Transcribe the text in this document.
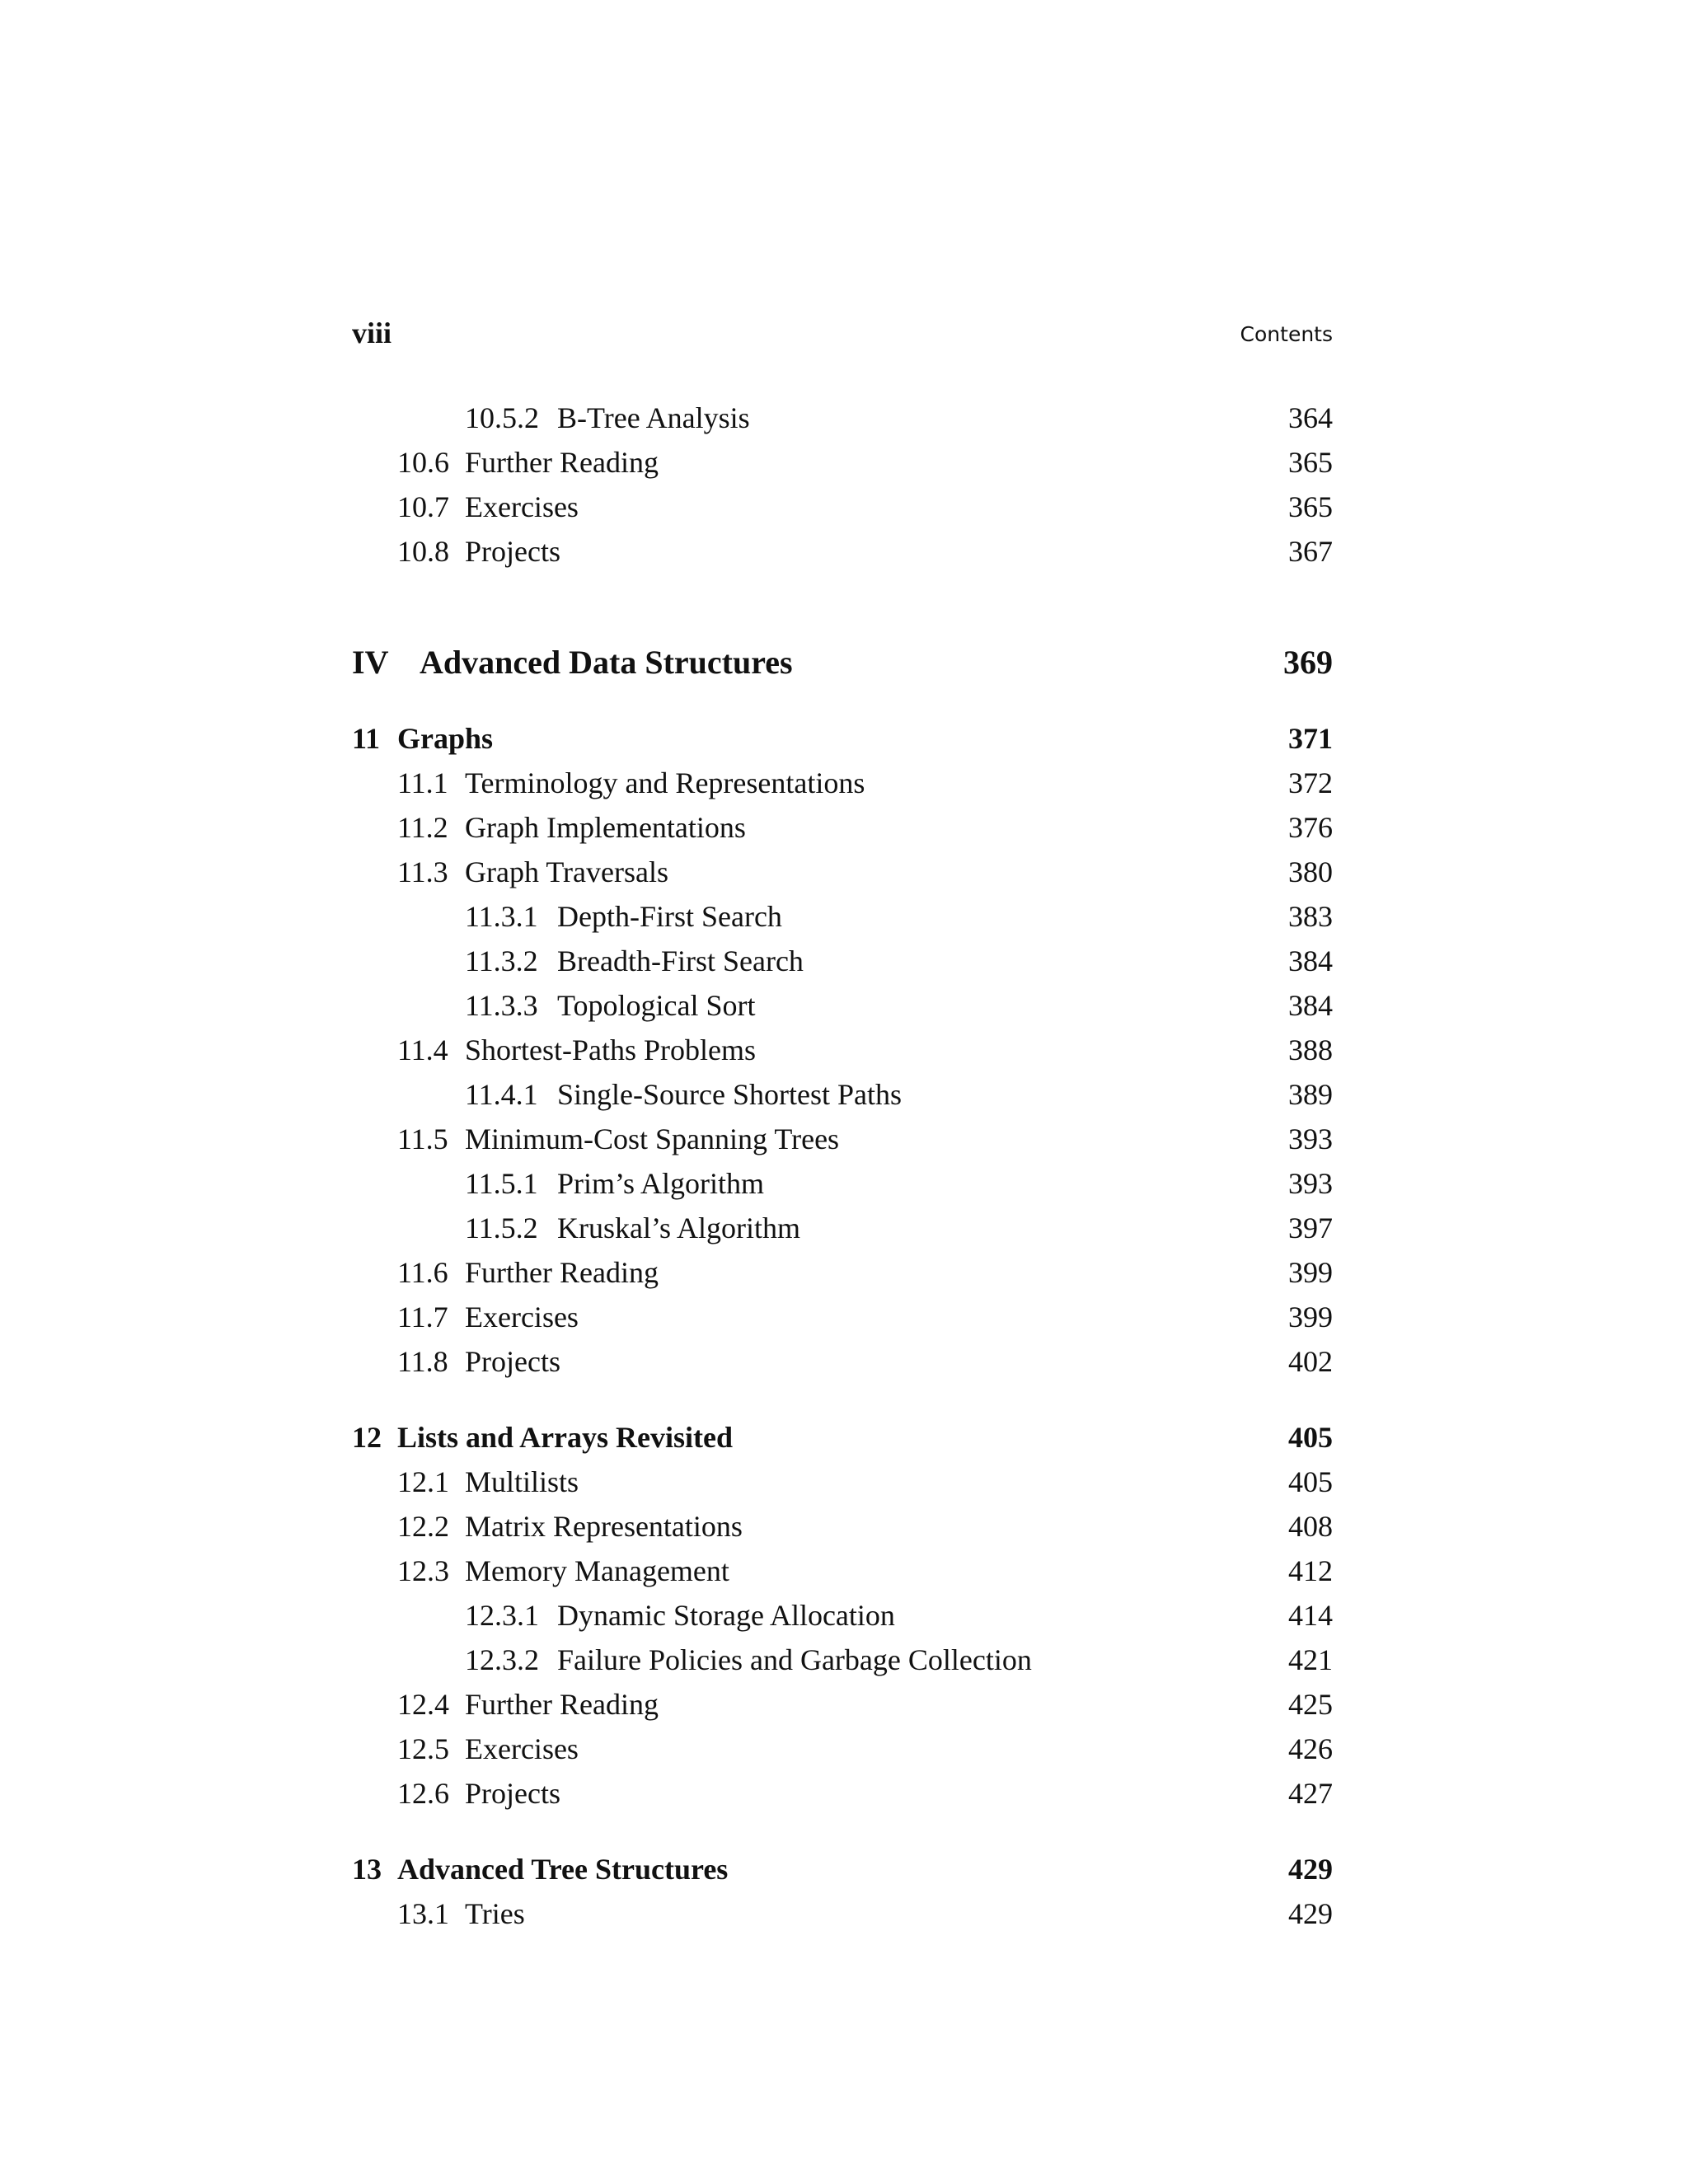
viii	Contents
10.5.2 B-Tree Analysis	364
10.6 Further Reading	365
10.7 Exercises	365
10.8 Projects	367
IV Advanced Data Structures	369
11 Graphs	371
11.1 Terminology and Representations	372
11.2 Graph Implementations	376
11.3 Graph Traversals	380
11.3.1 Depth-First Search	383
11.3.2 Breadth-First Search	384
11.3.3 Topological Sort	384
11.4 Shortest-Paths Problems	388
11.4.1 Single-Source Shortest Paths	389
11.5 Minimum-Cost Spanning Trees	393
11.5.1 Prim’s Algorithm	393
11.5.2 Kruskal’s Algorithm	397
11.6 Further Reading	399
11.7 Exercises	399
11.8 Projects	402
12 Lists and Arrays Revisited	405
12.1 Multilists	405
12.2 Matrix Representations	408
12.3 Memory Management	412
12.3.1 Dynamic Storage Allocation	414
12.3.2 Failure Policies and Garbage Collection	421
12.4 Further Reading	425
12.5 Exercises	426
12.6 Projects	427
13 Advanced Tree Structures	429
13.1 Tries	429
